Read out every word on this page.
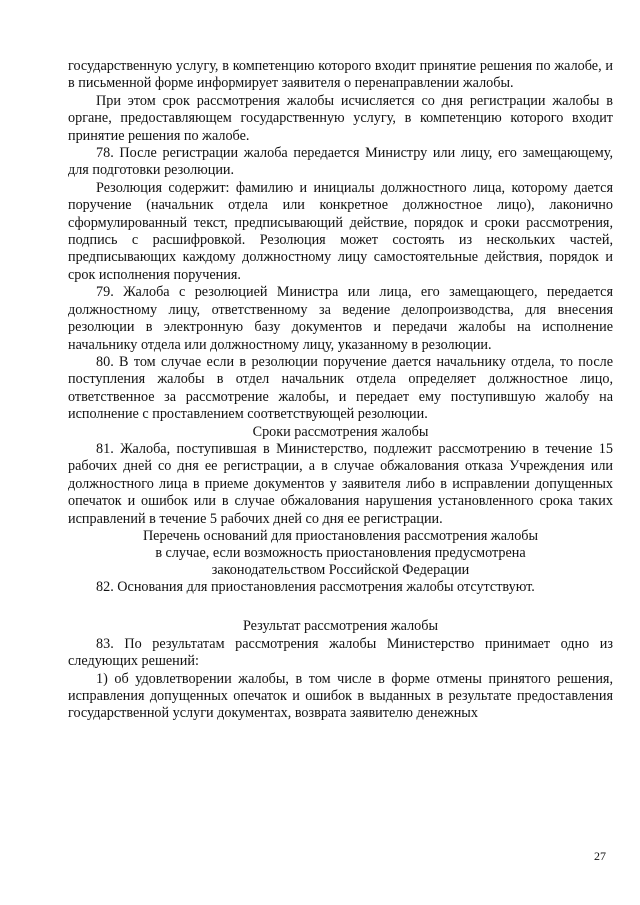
государственную услугу, в компетенцию которого входит принятие решения по жалобе, и в письменной форме информирует заявителя о перенаправлении жалобы.

При этом срок рассмотрения жалобы исчисляется со дня регистрации жалобы в органе, предоставляющем государственную услугу, в компетенцию которого входит принятие решения по жалобе.

78. После регистрации жалоба передается Министру или лицу, его замещающему, для подготовки резолюции.

Резолюция содержит: фамилию и инициалы должностного лица, которому дается поручение (начальник отдела или конкретное должностное лицо), лаконично сформулированный текст, предписывающий действие, порядок и сроки рассмотрения, подпись с расшифровкой. Резолюция может состоять из нескольких частей, предписывающих каждому должностному лицу самостоятельные действия, порядок и срок исполнения поручения.

79. Жалоба с резолюцией Министра или лица, его замещающего, передается должностному лицу, ответственному за ведение делопроизводства, для внесения резолюции в электронную базу документов и передачи жалобы на исполнение начальнику отдела или должностному лицу, указанному в резолюции.

80. В том случае если в резолюции поручение дается начальнику отдела, то после поступления жалобы в отдел начальник отдела определяет должностное лицо, ответственное за рассмотрение жалобы, и передает ему поступившую жалобу на исполнение с проставлением соответствующей резолюции.

Сроки рассмотрения жалобы

81. Жалоба, поступившая в Министерство, подлежит рассмотрению в течение 15 рабочих дней со дня ее регистрации, а в случае обжалования отказа Учреждения или должностного лица в приеме документов у заявителя либо в исправлении допущенных опечаток и ошибок или в случае обжалования нарушения установленного срока таких исправлений в течение 5 рабочих дней со дня ее регистрации.

Перечень оснований для приостановления рассмотрения жалобы
в случае, если возможность приостановления предусмотрена
законодательством Российской Федерации

82. Основания для приостановления рассмотрения жалобы отсутствуют.

Результат рассмотрения жалобы

83. По результатам рассмотрения жалобы Министерство принимает одно из следующих решений:

1) об удовлетворении жалобы, в том числе в форме отмены принятого решения, исправления допущенных опечаток и ошибок в выданных в результате предоставления государственной услуги документах, возврата заявителю денежных

27
